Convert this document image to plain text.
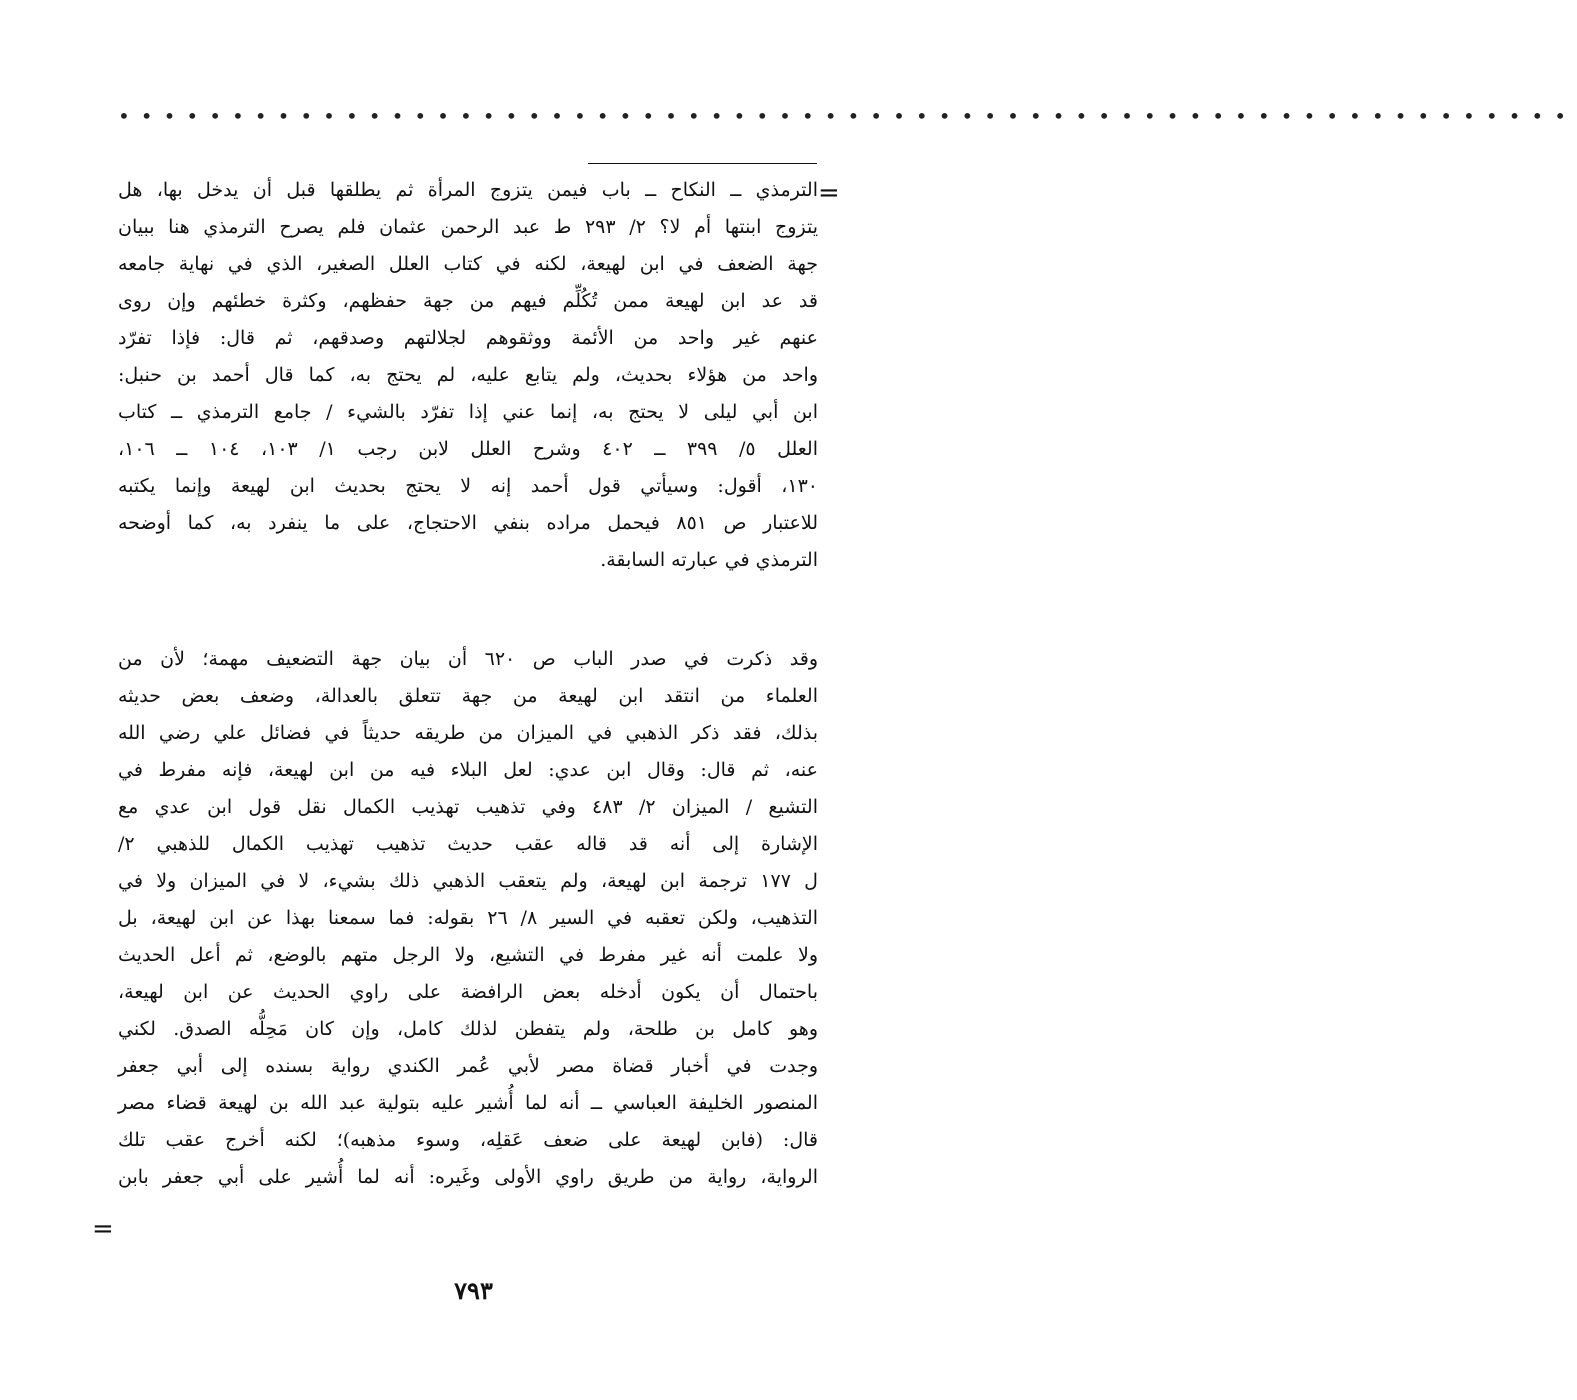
••••••••••••••••••••••••••••••••••••••••••••••••••••••••••••••••
=
الترمذي ــ النكاح ــ باب فيمن يتزوج المرأة ثم يطلقها قبل أن يدخل بها، هل
يتزوج ابنتها أم لا؟ ٢/ ٢٩٣ ط عبد الرحمن عثمان فلم يصرح الترمذي هنا ببيان
جهة الضعف في ابن لهيعة، لكنه في كتاب العلل الصغير، الذي في نهاية جامعه
قد عد ابن لهيعة ممن تُكُلِّم فيهم من جهة حفظهم، وكثرة خطئهم وإن روى
عنهم غير واحد من الأئمة ووثقوهم لجلالتهم وصدقهم، ثم قال: فإذا تفرّد
واحد من هؤلاء بحديث، ولم يتابع عليه، لم يحتج به، كما قال أحمد بن حنبل:
ابن أبي ليلى لا يحتج به، إنما عني إذا تفرّد بالشيء / جامع الترمذي ــ كتاب
العلل ٥/ ٣٩٩ ــ ٤٠٢ وشرح العلل لابن رجب ١/ ١٠٣، ١٠٤ ــ ١٠٦،
١٣٠، أقول: وسيأتي قول أحمد إنه لا يحتج بحديث ابن لهيعة وإنما يكتبه
للاعتبار ص ٨٥١ فيحمل مراده بنفي الاحتجاج، على ما ينفرد به، كما أوضحه
الترمذي في عبارته السابقة.
وقد ذكرت في صدر الباب ص ٦٢٠ أن بيان جهة التضعيف مهمة؛ لأن من
العلماء من انتقد ابن لهيعة من جهة تتعلق بالعدالة، وضعف بعض حديثه
بذلك، فقد ذكر الذهبي في الميزان من طريقه حديثاً في فضائل علي رضي الله
عنه، ثم قال: وقال ابن عدي: لعل البلاء فيه من ابن لهيعة، فإنه مفرط في
التشيع / الميزان ٢/ ٤٨٣ وفي تذهيب تهذيب الكمال نقل قول ابن عدي مع
الإشارة إلى أنه قد قاله عقب حديث تذهيب تهذيب الكمال للذهبي ٢/
ل ١٧٧ ترجمة ابن لهيعة، ولم يتعقب الذهبي ذلك بشيء، لا في الميزان ولا في
التذهيب، ولكن تعقبه في السير ٨/ ٢٦ بقوله: فما سمعنا بهذا عن ابن لهيعة، بل
ولا علمت أنه غير مفرط في التشيع، ولا الرجل متهم بالوضع، ثم أعل الحديث
باحتمال أن يكون أدخله بعض الرافضة على راوي الحديث عن ابن لهيعة،
وهو كامل بن طلحة، ولم يتفطن لذلك كامل، وإن كان مَحِلُّه الصدق. لكني
وجدت في أخبار قضاة مصر لأبي عُمر الكندي رواية بسنده إلى أبي جعفر
المنصور الخليفة العباسي ــ أنه لما أُشير عليه بتولية عبد الله بن لهيعة قضاء مصر
قال: (فابن لهيعة على ضعف عَقلِه، وسوء مذهبه)؛ لكنه أخرج عقب تلك
الرواية، رواية من طريق راوي الأولى وغَيره: أنه لما أُشير على أبي جعفر بابن
=
٧٩٣
